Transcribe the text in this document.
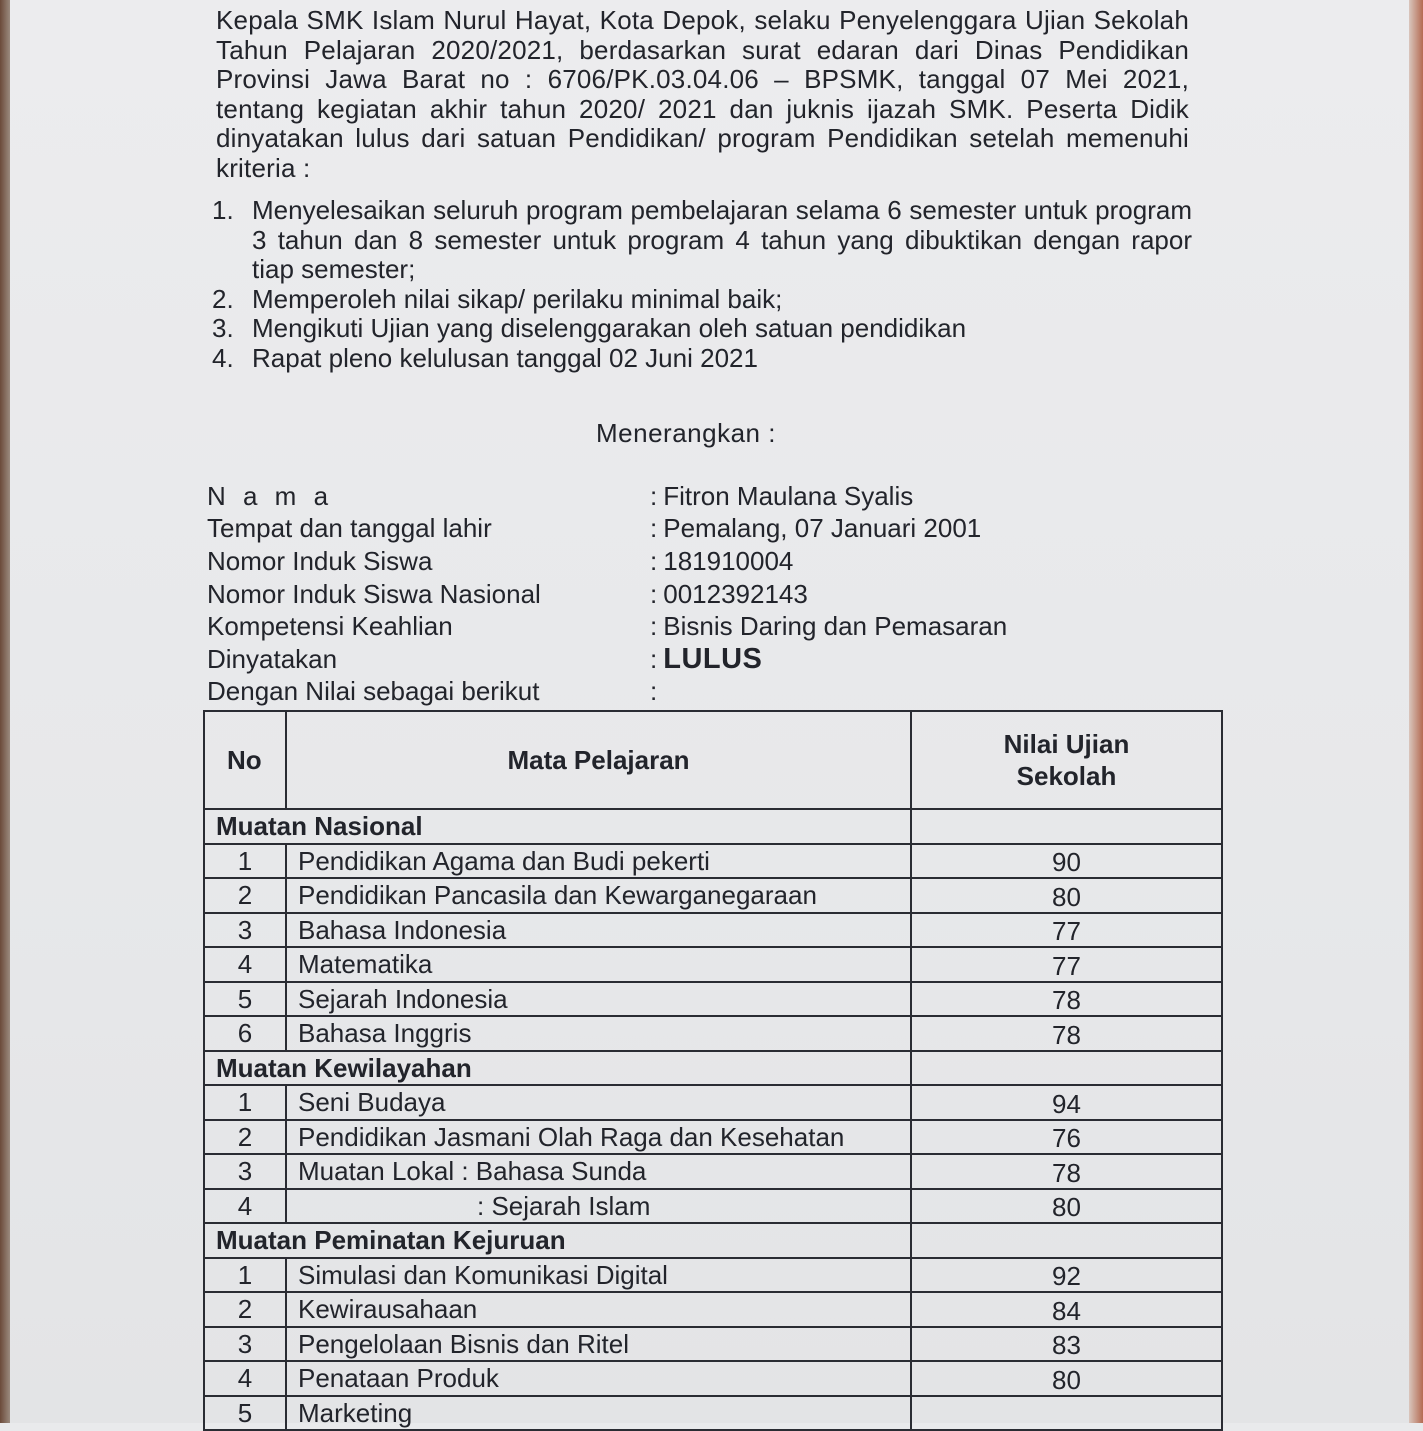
Kepala SMK Islam Nurul Hayat, Kota Depok, selaku Penyelenggara Ujian Sekolah Tahun Pelajaran 2020/2021, berdasarkan surat edaran dari Dinas Pendidikan Provinsi Jawa Barat no : 6706/PK.03.04.06 – BPSMK, tanggal 07 Mei 2021, tentang kegiatan akhir tahun 2020/ 2021 dan juknis ijazah SMK. Peserta Didik dinyatakan lulus dari satuan Pendidikan/ program Pendidikan setelah memenuhi kriteria :
1. Menyelesaikan seluruh program pembelajaran selama 6 semester untuk program 3 tahun dan 8 semester untuk program 4 tahun yang dibuktikan dengan rapor tiap semester;
2. Memperoleh nilai sikap/ perilaku minimal baik;
3. Mengikuti Ujian yang diselenggarakan oleh satuan pendidikan
4. Rapat pleno kelulusan tanggal 02 Juni 2021
Menerangkan :
N a m a	: Fitron Maulana Syalis
Tempat dan tanggal lahir	: Pemalang, 07 Januari 2001
Nomor Induk Siswa	: 181910004
Nomor Induk Siswa Nasional	: 0012392143
Kompetensi Keahlian	: Bisnis Daring dan Pemasaran
Dinyatakan	: LULUS
Dengan Nilai sebagai berikut	:
No	Mata Pelajaran	Nilai Ujian
Sekolah
Muatan Nasional		
1	Pendidikan Agama dan Budi pekerti	90
2	Pendidikan Pancasila dan Kewarganegaraan	80
3	Bahasa Indonesia	77
4	Matematika	77
5	Sejarah Indonesia	78
6	Bahasa Inggris	78
Muatan Kewilayahan		
1	Seni Budaya	94
2	Pendidikan Jasmani Olah Raga dan Kesehatan	76
3	Muatan Lokal : Bahasa Sunda	78
4	: Sejarah Islam	80
Muatan Peminatan Kejuruan		
1	Simulasi dan Komunikasi Digital	92
2	Kewirausahaan	84
3	Pengelolaan Bisnis dan Ritel	83
4	Penataan Produk	80
5	Marketing	
